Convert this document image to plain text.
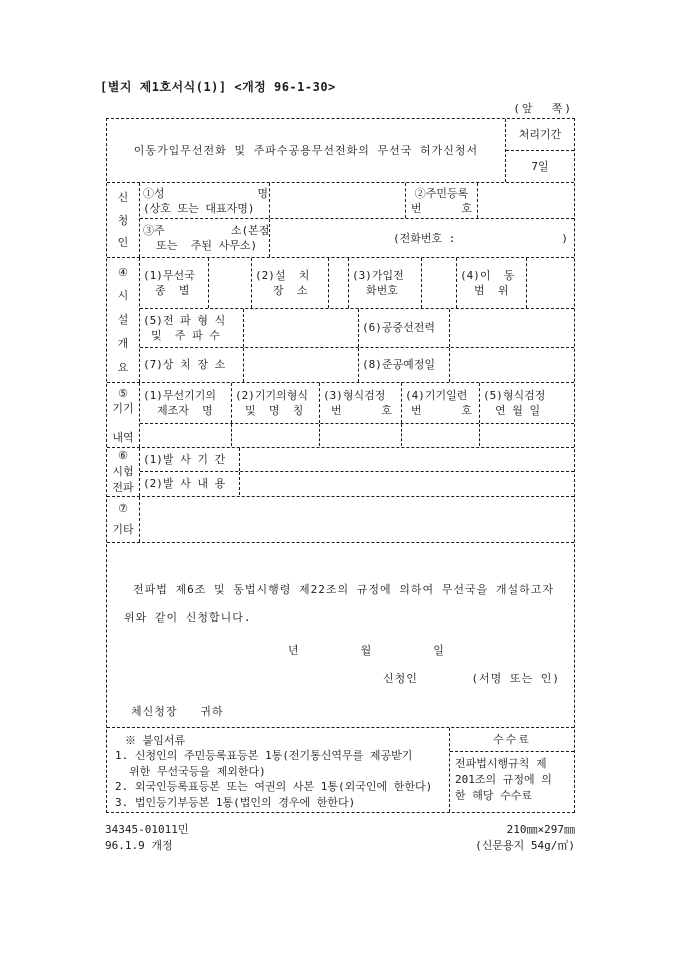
[별지 제1호서식(1)] <개정 96-1-30>
(앞  쪽)
이동가입무선전화 및 주파수공용무선전화의 무선국 허가신청서
처리기간
7일
신
청
인
①성              명
(상호 또는 대표자명)
②주민등록
번      호
③주          소(본점
또는  주된 사무소)
(전화번호 :                )
④
시
설
개
요
(1)무선국
종  별
(2)설  치
장  소
(3)가입전
화번호
(4)이  동
범  위
(5)전 파 형 식
및  주 파 수
(6)공중선전력
(7)상 치 장 소	(8)준공예정일
⑤
기기
내역
(1)무선기기의
제조자  명
(2)기기의형식
및  명  칭
(3)형식검정
번      호
(4)기기일련
번      호
(5)형식검정
연 월 일
⑥
시험
전파
(1)발 사 기 간
(2)발 사 내 용
⑦
기타
전파법 제6조 및 동법시행령 제22조의 규정에 의하여 무선국을 개설하고자
위와 같이 신청합니다.
년        월        일
신청인	(서명 또는 인)
체신청장   귀하
※ 붙임서류
1. 신청인의 주민등록표등본 1통(전기통신역무를 제공받기
위한 무선국등을 제외한다)
2. 외국인등록표등본 또는 여권의 사본 1통(외국인에 한한다)
3. 법인등기부등본 1통(법인의 경우에 한한다)
수수료
전파법시행규칙 제
201조의 규정에 의
한 해당 수수료
34345-01011민
96.1.9 개정
210㎜×297㎜
(신문용지 54g/㎡)
